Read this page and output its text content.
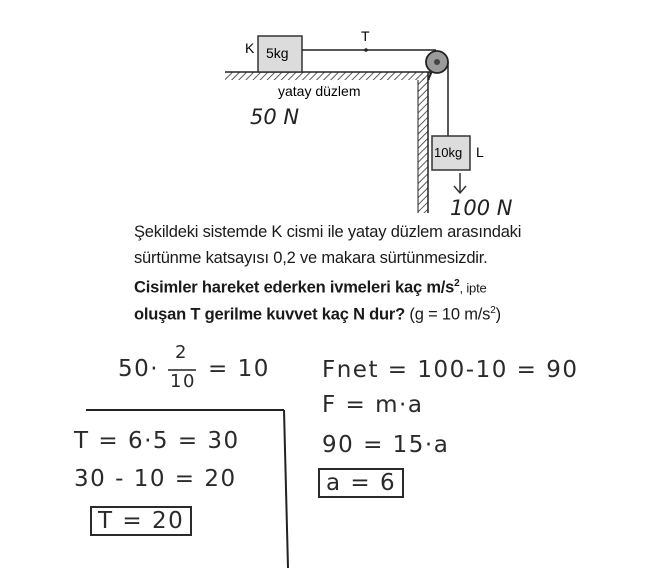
K 5kg
T
10kg L
yatay düzlem
50 N
100 N
Şekildeki sistemde K cismi ile yatay düzlem arasındaki
sürtünme katsayısı 0,2 ve makara sürtünmesizdir.
Cisimler hareket ederken ivmeleri kaç $m/s^2$, ipte
oluşan T gerilme kuvvet kaç N dur? (g = 10 $m/s^2$)
50·
2
10 = 10 Fnet = 100-10 = 90
F = m·a
90 = 15·a
a = 6
T = 6·5 = 30
30 - 10 = 20
T = 20
